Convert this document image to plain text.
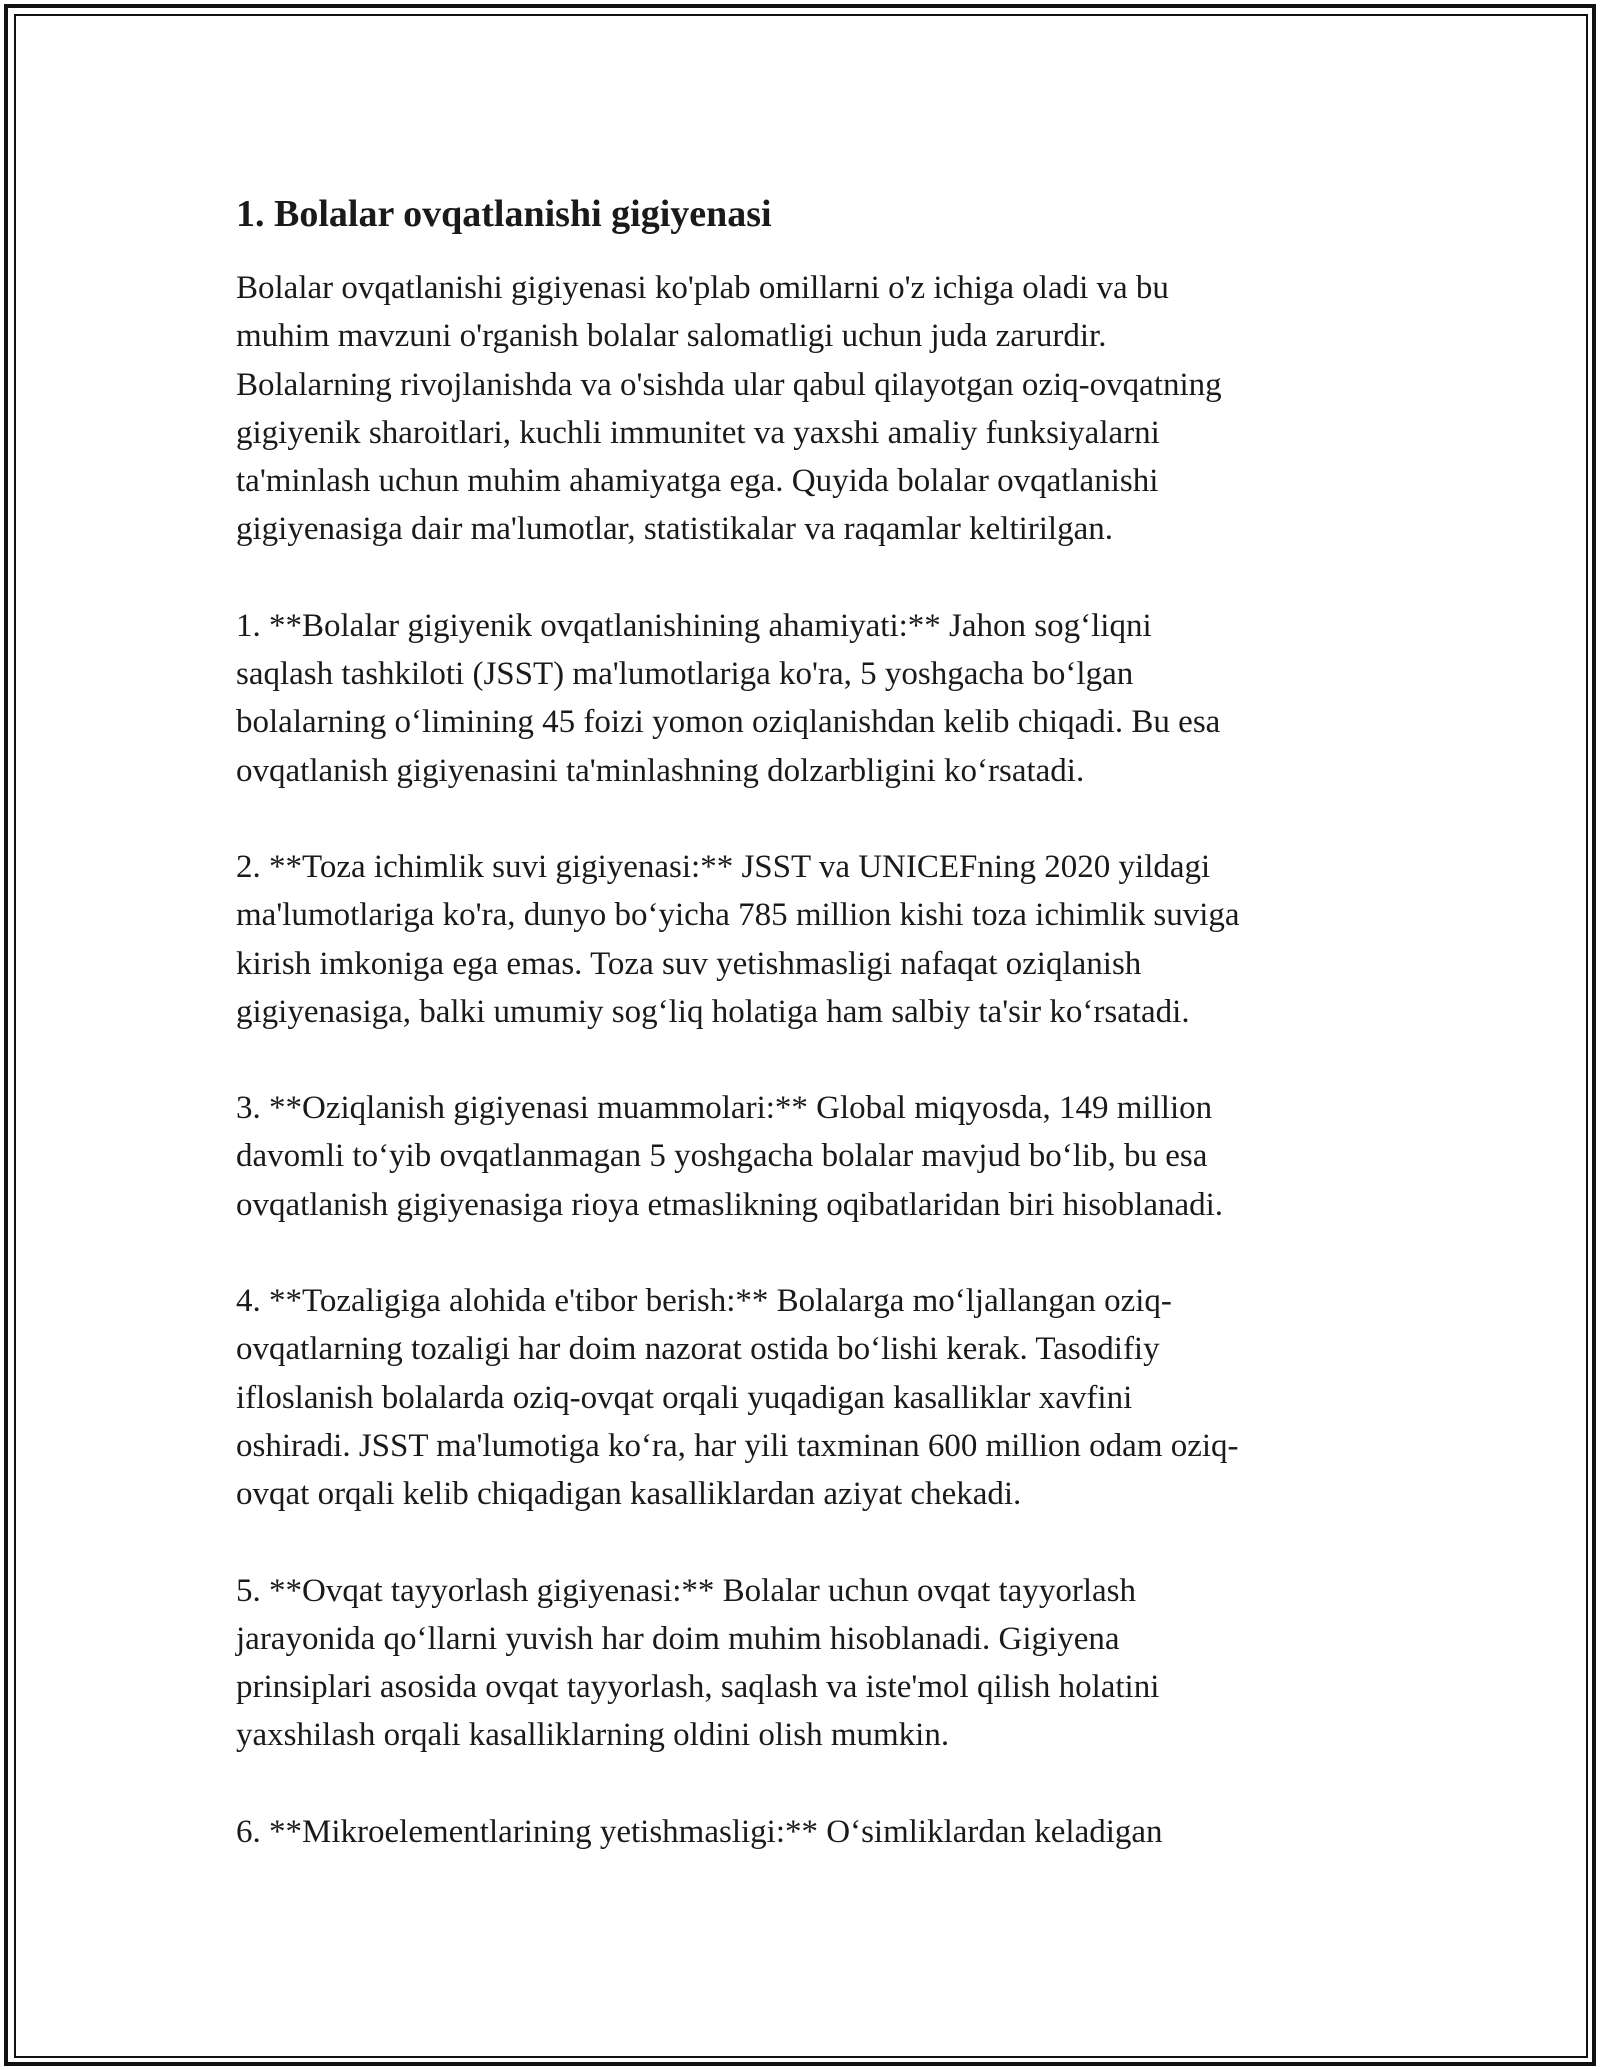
1. Bolalar ovqatlanishi gigiyenasi

Bolalar ovqatlanishi gigiyenasi ko'plab omillarni o'z ichiga oladi va bu
muhim mavzuni o'rganish bolalar salomatligi uchun juda zarurdir.
Bolalarning rivojlanishda va o'sishda ular qabul qilayotgan oziq-ovqatning
gigiyenik sharoitlari, kuchli immunitet va yaxshi amaliy funksiyalarni
ta'minlash uchun muhim ahamiyatga ega. Quyida bolalar ovqatlanishi
gigiyenasiga dair ma'lumotlar, statistikalar va raqamlar keltirilgan.

1. **Bolalar gigiyenik ovqatlanishining ahamiyati:** Jahon sog‘liqni
saqlash tashkiloti (JSST) ma'lumotlariga ko'ra, 5 yoshgacha bo‘lgan
bolalarning o‘limining 45 foizi yomon oziqlanishdan kelib chiqadi. Bu esa
ovqatlanish gigiyenasini ta'minlashning dolzarbligini ko‘rsatadi.

2. **Toza ichimlik suvi gigiyenasi:** JSST va UNICEFning 2020 yildagi
ma'lumotlariga ko'ra, dunyo bo‘yicha 785 million kishi toza ichimlik suviga
kirish imkoniga ega emas. Toza suv yetishmasligi nafaqat oziqlanish
gigiyenasiga, balki umumiy sog‘liq holatiga ham salbiy ta'sir ko‘rsatadi.

3. **Oziqlanish gigiyenasi muammolari:** Global miqyosda, 149 million
davomli to‘yib ovqatlanmagan 5 yoshgacha bolalar mavjud bo‘lib, bu esa
ovqatlanish gigiyenasiga rioya etmaslikning oqibatlaridan biri hisoblanadi.

4. **Tozaligiga alohida e'tibor berish:** Bolalarga mo‘ljallangan oziq-
ovqatlarning tozaligi har doim nazorat ostida bo‘lishi kerak. Tasodifiy
ifloslanish bolalarda oziq-ovqat orqali yuqadigan kasalliklar xavfini
oshiradi. JSST ma'lumotiga ko‘ra, har yili taxminan 600 million odam oziq-
ovqat orqali kelib chiqadigan kasalliklardan aziyat chekadi.

5. **Ovqat tayyorlash gigiyenasi:** Bolalar uchun ovqat tayyorlash
jarayonida qo‘llarni yuvish har doim muhim hisoblanadi. Gigiyena
prinsiplari asosida ovqat tayyorlash, saqlash va iste'mol qilish holatini
yaxshilash orqali kasalliklarning oldini olish mumkin.

6. **Mikroelementlarining yetishmasligi:** O‘simliklardan keladigan
